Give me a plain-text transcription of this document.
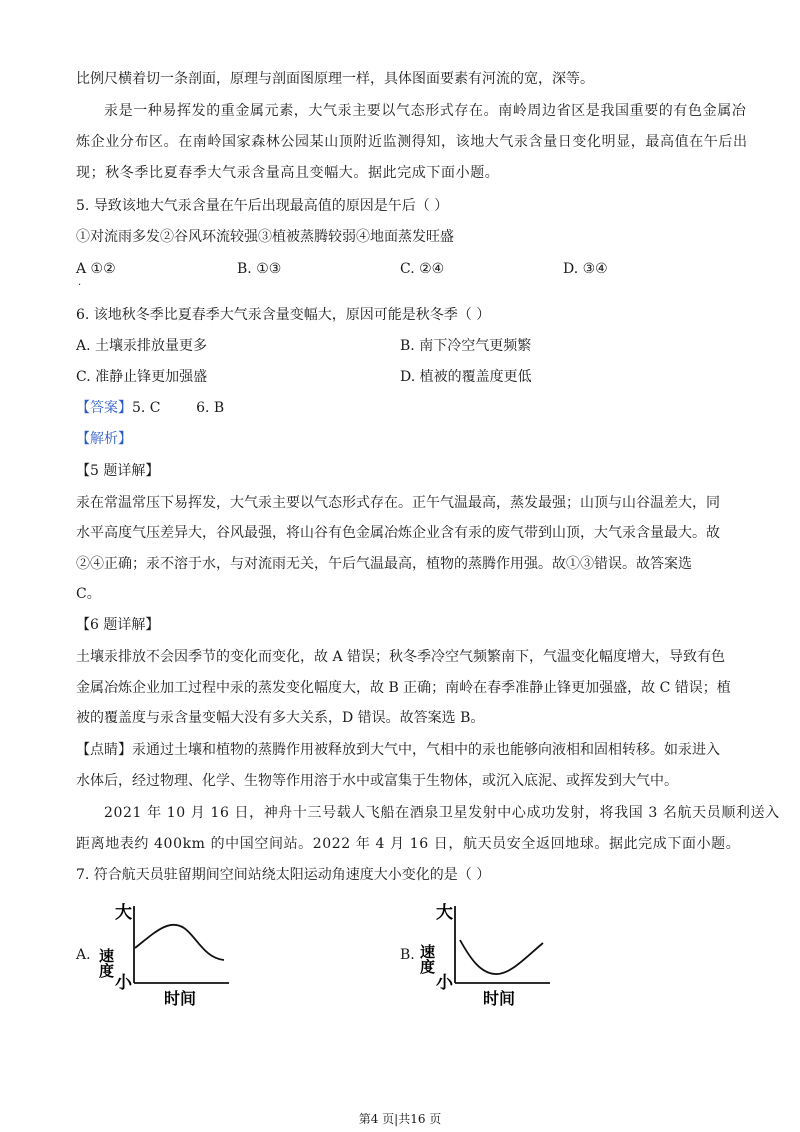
比例尺横着切一条剖面，原理与剖面图原理一样，具体图面要素有河流的宽，深等。
汞是一种易挥发的重金属元素，大气汞主要以气态形式存在。南岭周边省区是我国重要的有色金属冶
炼企业分布区。在南岭国家森林公园某山顶附近监测得知，该地大气汞含量日变化明显，最高值在午后出
现；秋冬季比夏春季大气汞含量高且变幅大。据此完成下面小题。
5. 导致该地大气汞含量在午后出现最高值的原因是午后（ ）
①对流雨多发②谷风环流较强③植被蒸腾较弱④地面蒸发旺盛
A ①②	B. ①③	C. ②④	D. ③④
·
6. 该地秋冬季比夏春季大气汞含量变幅大，原因可能是秋冬季（ ）
A. 土壤汞排放量更多	B. 南下冷空气更频繁
C. 准静止锋更加强盛	D. 植被的覆盖度更低
【答案】5. C        6. B
【解析】
【5 题详解】
汞在常温常压下易挥发，大气汞主要以气态形式存在。正午气温最高，蒸发最强；山顶与山谷温差大，同
水平高度气压差异大，谷风最强，将山谷有色金属冶炼企业含有汞的废气带到山顶，大气汞含量最大。故
②④正确；汞不溶于水，与对流雨无关，午后气温最高，植物的蒸腾作用强。故①③错误。故答案选
C。
【6 题详解】
土壤汞排放不会因季节的变化而变化，故 A 错误；秋冬季冷空气频繁南下，气温变化幅度增大，导致有色
金属冶炼企业加工过程中汞的蒸发变化幅度大，故 B 正确；南岭在春季准静止锋更加强盛，故 C 错误；植
被的覆盖度与汞含量变幅大没有多大关系，D 错误。故答案选 B。
【点睛】汞通过土壤和植物的蒸腾作用被释放到大气中，气相中的汞也能够向液相和固相转移。如汞进入
水体后，经过物理、化学、生物等作用溶于水中或富集于生物体，或沉入底泥、或挥发到大气中。
2021 年 10 月 16 日，神舟十三号载人飞船在酒泉卫星发射中心成功发射，将我国 3 名航天员顺利送入
距离地表约 400km 的中国空间站。2022 年 4 月 16 日，航天员安全返回地球。据此完成下面小题。
7. 符合航天员驻留期间空间站绕太阳运动角速度大小变化的是（ ）
A.
大
速度
小
时间
B.
大
速度
小
时间
第4 页|共16 页
